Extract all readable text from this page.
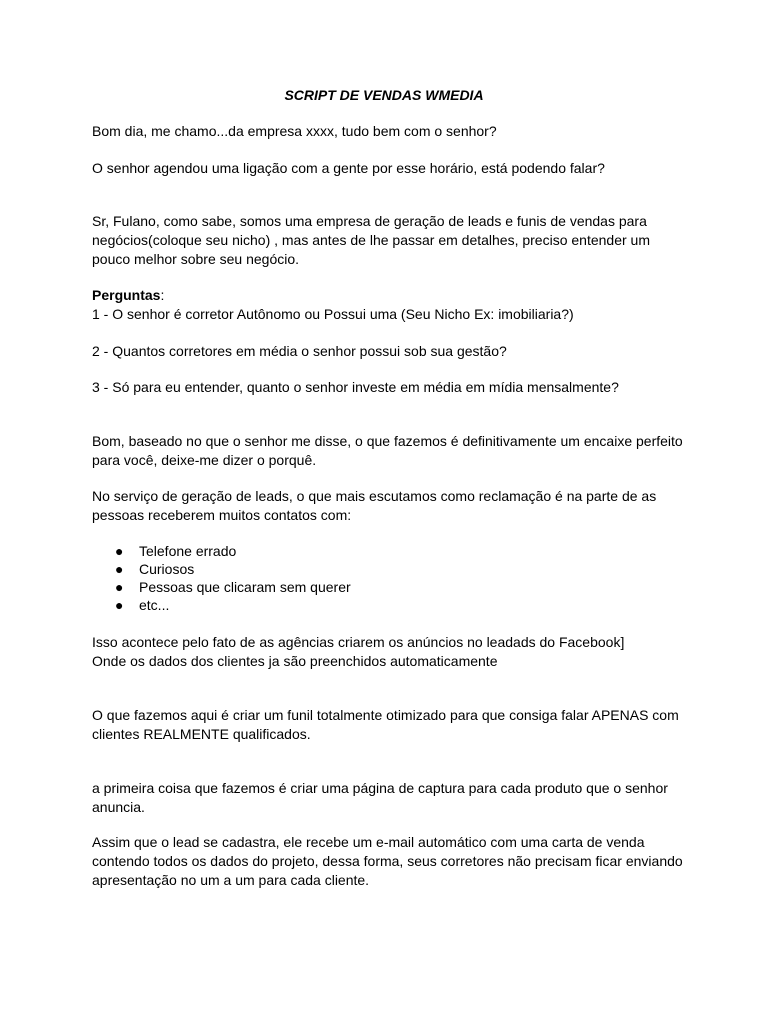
SCRIPT DE VENDAS WMEDIA

Bom dia, me chamo...da empresa xxxx, tudo bem com o senhor?

O senhor agendou uma ligação com a gente por esse horário, está podendo falar?

Sr, Fulano, como sabe, somos uma empresa de geração de leads e funis de vendas para negócios(coloque seu nicho) , mas antes de lhe passar em detalhes, preciso entender um pouco melhor sobre seu negócio.

Perguntas:

1 - O senhor é corretor Autônomo ou Possui uma (Seu Nicho Ex: imobiliaria?)

2 - Quantos corretores em média o senhor possui sob sua gestão?

3 - Só para eu entender, quanto o senhor investe em média em mídia mensalmente?

Bom, baseado no que o senhor me disse, o que fazemos é definitivamente um encaixe perfeito para você, deixe-me dizer o porquê.

No serviço de geração de leads, o que mais escutamos como reclamação é na parte de as pessoas receberem muitos contatos com:

● Telefone errado
● Curiosos
● Pessoas que clicaram sem querer
● etc...

Isso acontece pelo fato de as agências criarem os anúncios no leadads do Facebook]

Onde os dados dos clientes ja são preenchidos automaticamente

O que fazemos aqui é criar um funil totalmente otimizado para que consiga falar APENAS com clientes REALMENTE qualificados.

a primeira coisa que fazemos é criar uma página de captura para cada produto que o senhor anuncia.

Assim que o lead se cadastra, ele recebe um e-mail automático com uma carta de venda contendo todos os dados do projeto, dessa forma, seus corretores não precisam ficar enviando apresentação no um a um para cada cliente.
